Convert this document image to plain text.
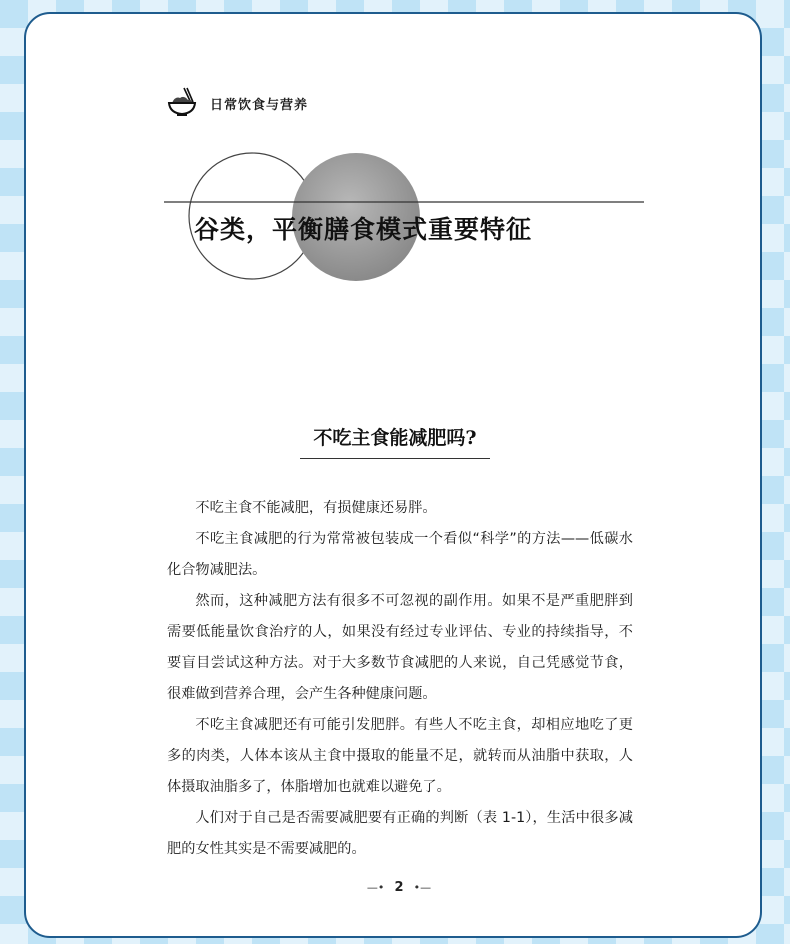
日常饮食与营养
谷类，平衡膳食模式重要特征
不吃主食能减肥吗?

不吃主食不能减肥，有损健康还易胖。

不吃主食减肥的行为常常被包装成一个看似“科学”的方法——低碳水化合物减肥法。

然而，这种减肥方法有很多不可忽视的副作用。如果不是严重肥胖到需要低能量饮食治疗的人，如果没有经过专业评估、专业的持续指导，不要盲目尝试这种方法。对于大多数节食减肥的人来说，自己凭感觉节食，很难做到营养合理，会产生各种健康问题。

不吃主食减肥还有可能引发肥胖。有些人不吃主食，却相应地吃了更多的肉类，人体本该从主食中摄取的能量不足，就转而从油脂中获取，人体摄取油脂多了，体脂增加也就难以避免了。

人们对于自己是否需要减肥要有正确的判断（表 1-1），生活中很多减肥的女性其实是不需要减肥的。

—• 2 •—
